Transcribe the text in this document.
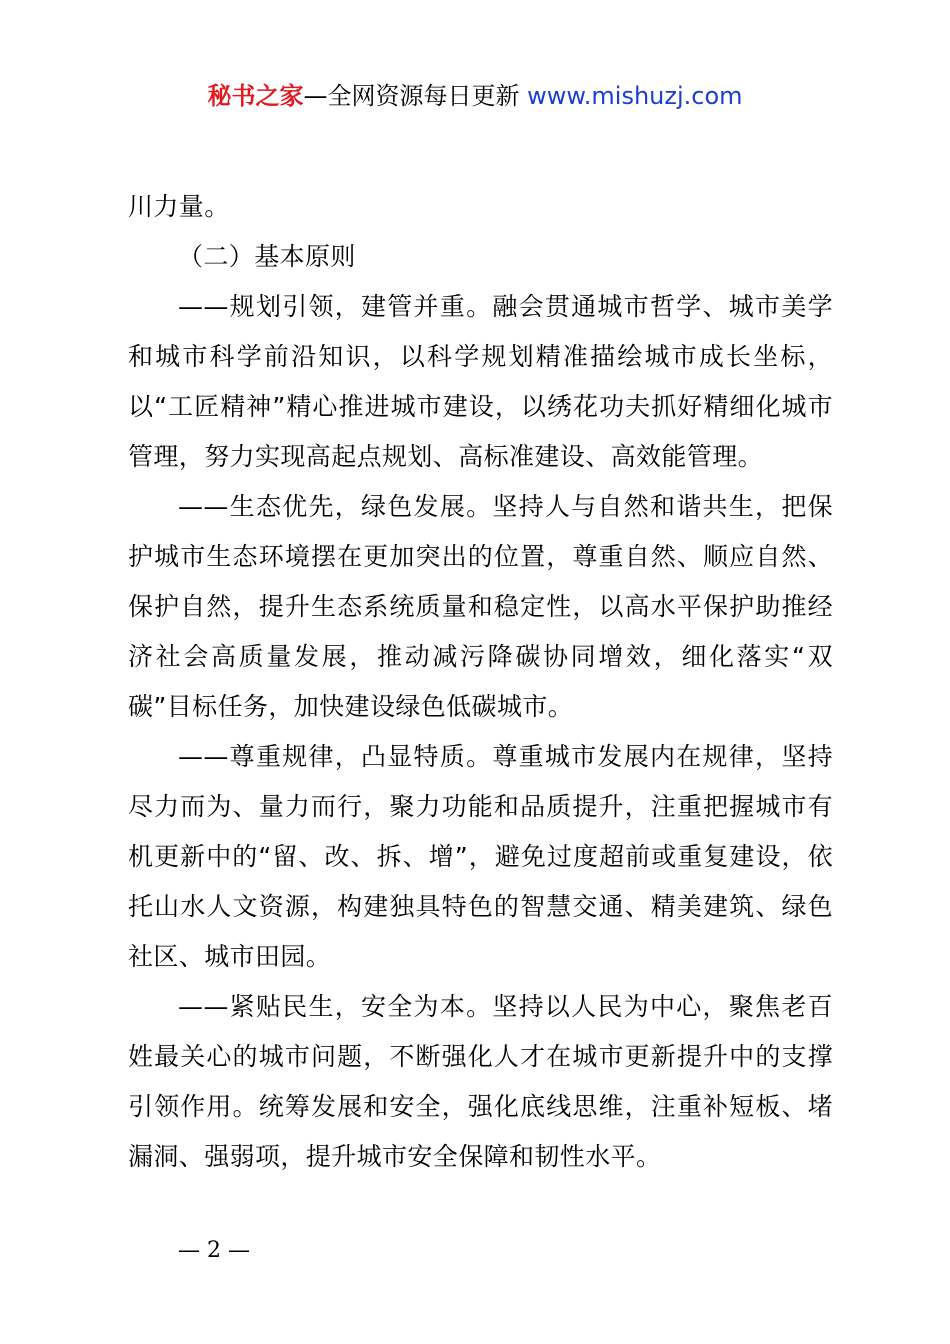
秘书之家—全网资源每日更新 www.mishuzj.com

川力量。

（二）基本原则

——规划引领，建管并重。融会贯通城市哲学、城市美学和城市科学前沿知识，以科学规划精准描绘城市成长坐标，以“工匠精神”精心推进城市建设，以绣花功夫抓好精细化城市管理，努力实现高起点规划、高标准建设、高效能管理。

——生态优先，绿色发展。坚持人与自然和谐共生，把保护城市生态环境摆在更加突出的位置，尊重自然、顺应自然、保护自然，提升生态系统质量和稳定性，以高水平保护助推经济社会高质量发展，推动减污降碳协同增效，细化落实“双碳”目标任务，加快建设绿色低碳城市。

——尊重规律，凸显特质。尊重城市发展内在规律，坚持尽力而为、量力而行，聚力功能和品质提升，注重把握城市有机更新中的“留、改、拆、增”，避免过度超前或重复建设，依托山水人文资源，构建独具特色的智慧交通、精美建筑、绿色社区、城市田园。

——紧贴民生，安全为本。坚持以人民为中心，聚焦老百姓最关心的城市问题，不断强化人才在城市更新提升中的支撑引领作用。统筹发展和安全，强化底线思维，注重补短板、堵漏洞、强弱项，提升城市安全保障和韧性水平。

— 2 —
